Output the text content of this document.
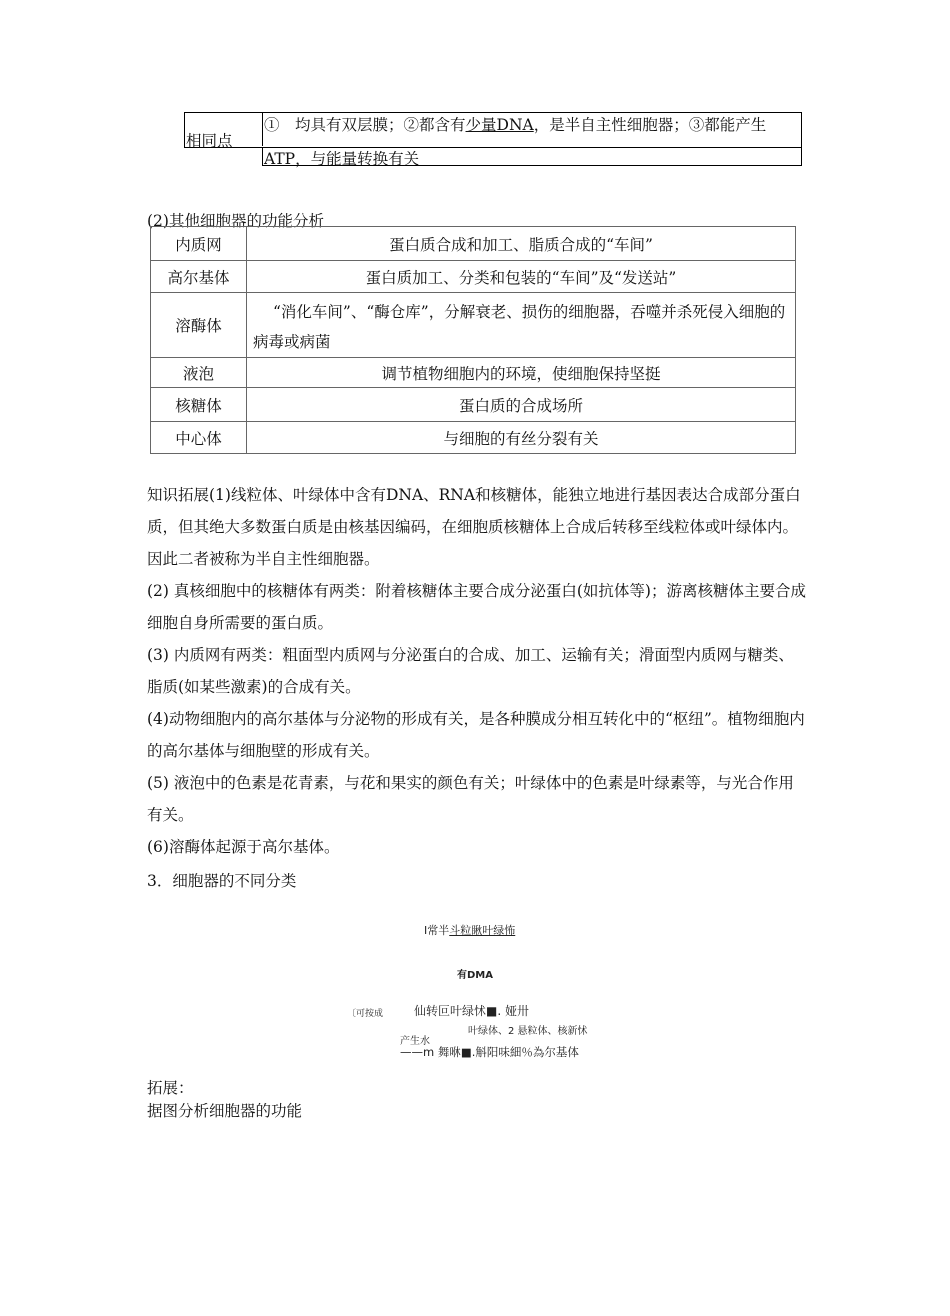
相同点
①　均具有双层膜；②都含有少量DNA，是半自主性细胞器；③都能产生
ATP，与能量转换有关
(2)其他细胞器的功能分析
内质网	蛋白质合成和加工、脂质合成的“车间”
高尔基体	蛋白质加工、分类和包装的“车间”及“发送站”
溶酶体	“消化车间”、“酶仓库”，分解衰老、损伤的细胞器，吞噬并杀死侵入细胞的病毒或病菌
液泡	调节植物细胞内的环境，使细胞保持坚挺
核糖体	蛋白质的合成场所
中心体	与细胞的有丝分裂有关

知识拓展(1)线粒体、叶绿体中含有DNA、RNA和核糖体，能独立地进行基因表达合成部分蛋白质，但其绝大多数蛋白质是由核基因编码，在细胞质核糖体上合成后转移至线粒体或叶绿体内。因此二者被称为半自主性细胞器。

(2) 真核细胞中的核糖体有两类：附着核糖体主要合成分泌蛋白(如抗体等)；游离核糖体主要合成细胞自身所需要的蛋白质。

(3) 内质网有两类：粗面型内质网与分泌蛋白的合成、加工、运输有关；滑面型内质网与糖类、脂质(如某些激素)的合成有关。

(4)动物细胞内的高尔基体与分泌物的形成有关，是各种膜成分相互转化中的“枢纽”。植物细胞内的高尔基体与细胞壁的形成有关。

(5) 液泡中的色素是花青素，与花和果实的颜色有关；叶绿体中的色素是叶绿素等，与光合作用有关。

(6)溶酶体起源于高尔基体。

3．细胞器的不同分类
I常半斗粒瞅叶绿怖
有DMA
〔可按成	仙转叵叶绿怵■. 娅卅
产生水
叶绿体、2 悬粒体、核新怵
——m 舞咻■.斛阳味細％為尔基体
拓展：
据图分析细胞器的功能
